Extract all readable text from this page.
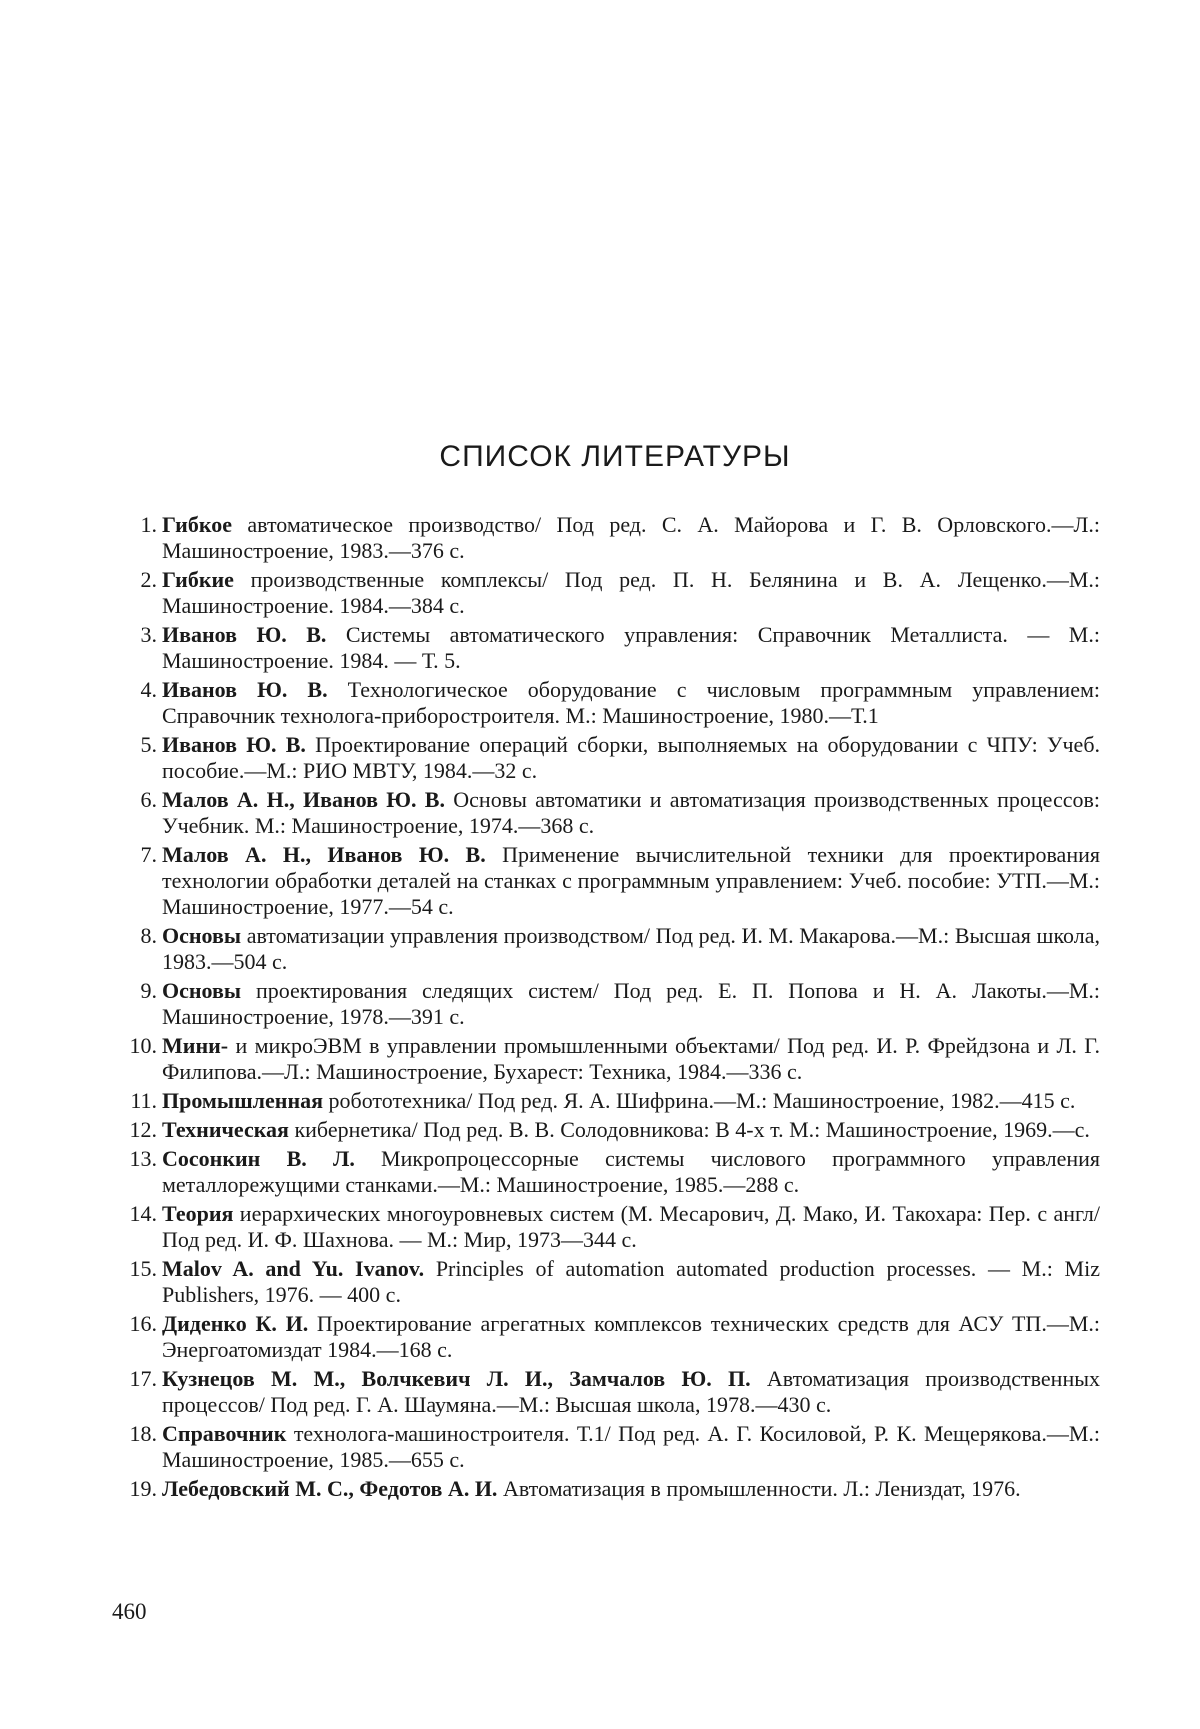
СПИСОК ЛИТЕРАТУРЫ
1. Гибкое автоматическое производство/ Под ред. С. А. Майорова и Г. В. Орловского.—Л.: Машиностроение, 1983.—376 с.
2. Гибкие производственные комплексы/ Под ред. П. Н. Белянина и В. А. Лещенко.—М.: Машиностроение. 1984.—384 с.
3. Иванов Ю. В. Системы автоматического управления: Справочник Металлиста. — М.: Машиностроение. 1984. — Т. 5.
4. Иванов Ю. В. Технологическое оборудование с числовым программным управлением: Справочник технолога-приборостроителя. М.: Машиностроение, 1980.—Т.1
5. Иванов Ю. В. Проектирование операций сборки, выполняемых на оборудовании с ЧПУ: Учеб. пособие.—М.: РИО МВТУ, 1984.—32 с.
6. Малов А. Н., Иванов Ю. В. Основы автоматики и автоматизация производственных процессов: Учебник. М.: Машиностроение, 1974.—368 с.
7. Малов А. Н., Иванов Ю. В. Применение вычислительной техники для проектирования технологии обработки деталей на станках с программным управлением: Учеб. пособие: УТП.—М.: Машиностроение, 1977.—54 с.
8. Основы автоматизации управления производством/ Под ред. И. М. Макарова.—М.: Высшая школа, 1983.—504 с.
9. Основы проектирования следящих систем/ Под ред. Е. П. Попова и Н. А. Лакоты.—М.: Машиностроение, 1978.—391 с.
10. Мини- и микроЭВМ в управлении промышленными объектами/ Под ред. И. Р. Фрейдзона и Л. Г. Филипова.—Л.: Машиностроение, Бухарест: Техника, 1984.—336 с.
11. Промышленная робототехника/ Под ред. Я. А. Шифрина.—М.: Машиностроение, 1982.—415 с.
12. Техническая кибернетика/ Под ред. В. В. Солодовникова: В 4-х т. М.: Машиностроение, 1969.—с.
13. Сосонкин В. Л. Микропроцессорные системы числового программного управления металлорежущими станками.—М.: Машиностроение, 1985.—288 с.
14. Теория иерархических многоуровневых систем (М. Месарович, Д. Мако, И. Такохара: Пер. с англ/ Под ред. И. Ф. Шахнова. — М.: Мир, 1973—344 с.
15. Malov A. and Yu. Ivanov. Principles of automation automated production processes. — M.: Miz Publishers, 1976. — 400 c.
16. Диденко К. И. Проектирование агрегатных комплексов технических средств для АСУ ТП.—М.: Энергоатомиздат 1984.—168 с.
17. Кузнецов М. М., Волчкевич Л. И., Замчалов Ю. П. Автоматизация производственных процессов/ Под ред. Г. А. Шаумяна.—М.: Высшая школа, 1978.—430 с.
18. Справочник технолога-машиностроителя. Т.1/ Под ред. А. Г. Косиловой, Р. К. Мещерякова.—М.: Машиностроение, 1985.—655 с.
19. Лебедовский М. С., Федотов А. И. Автоматизация в промышленности. Л.: Лениздат, 1976.
460
